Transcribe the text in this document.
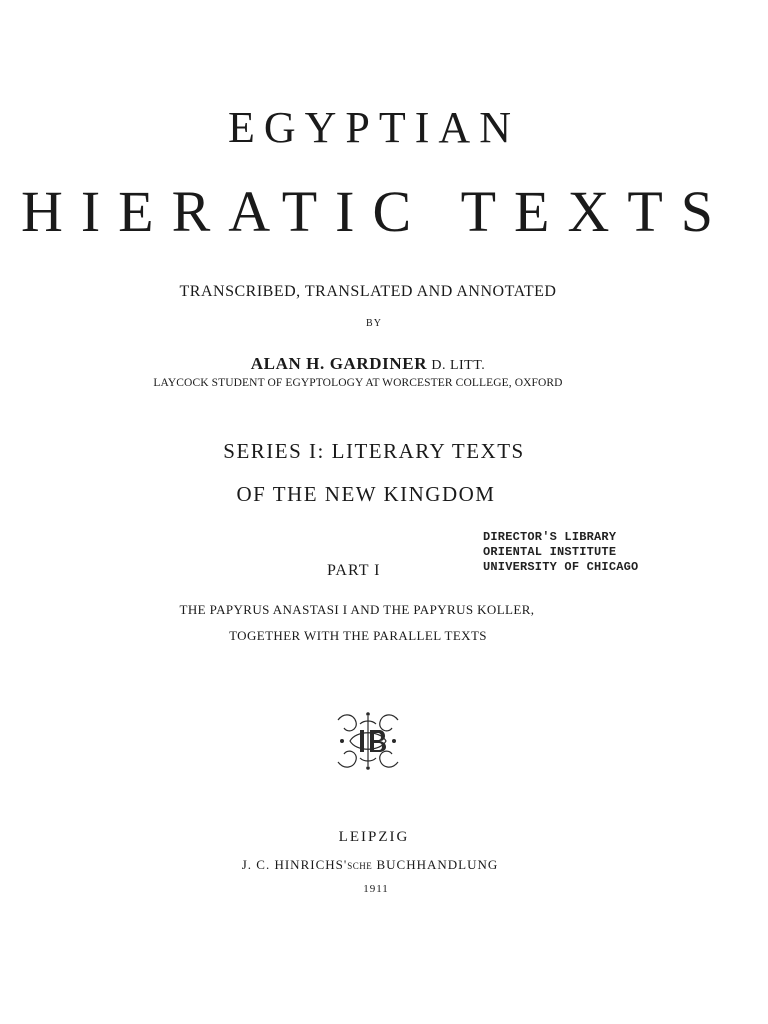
EGYPTIAN
HIERATIC TEXTS
TRANSCRIBED, TRANSLATED AND ANNOTATED
BY
ALAN H. GARDINER D. LITT.
LAYCOCK STUDENT OF EGYPTOLOGY AT WORCESTER COLLEGE, OXFORD
SERIES I: LITERARY TEXTS
OF THE NEW KINGDOM
PART I
DIRECTOR'S LIBRARY
ORIENTAL INSTITUTE
UNIVERSITY OF CHICAGO
THE PAPYRUS ANASTASI I AND THE PAPYRUS KOLLER,
TOGETHER WITH THE PARALLEL TEXTS
LEIPZIG
J. C. HINRICHS'SCHE BUCHHANDLUNG
1911
